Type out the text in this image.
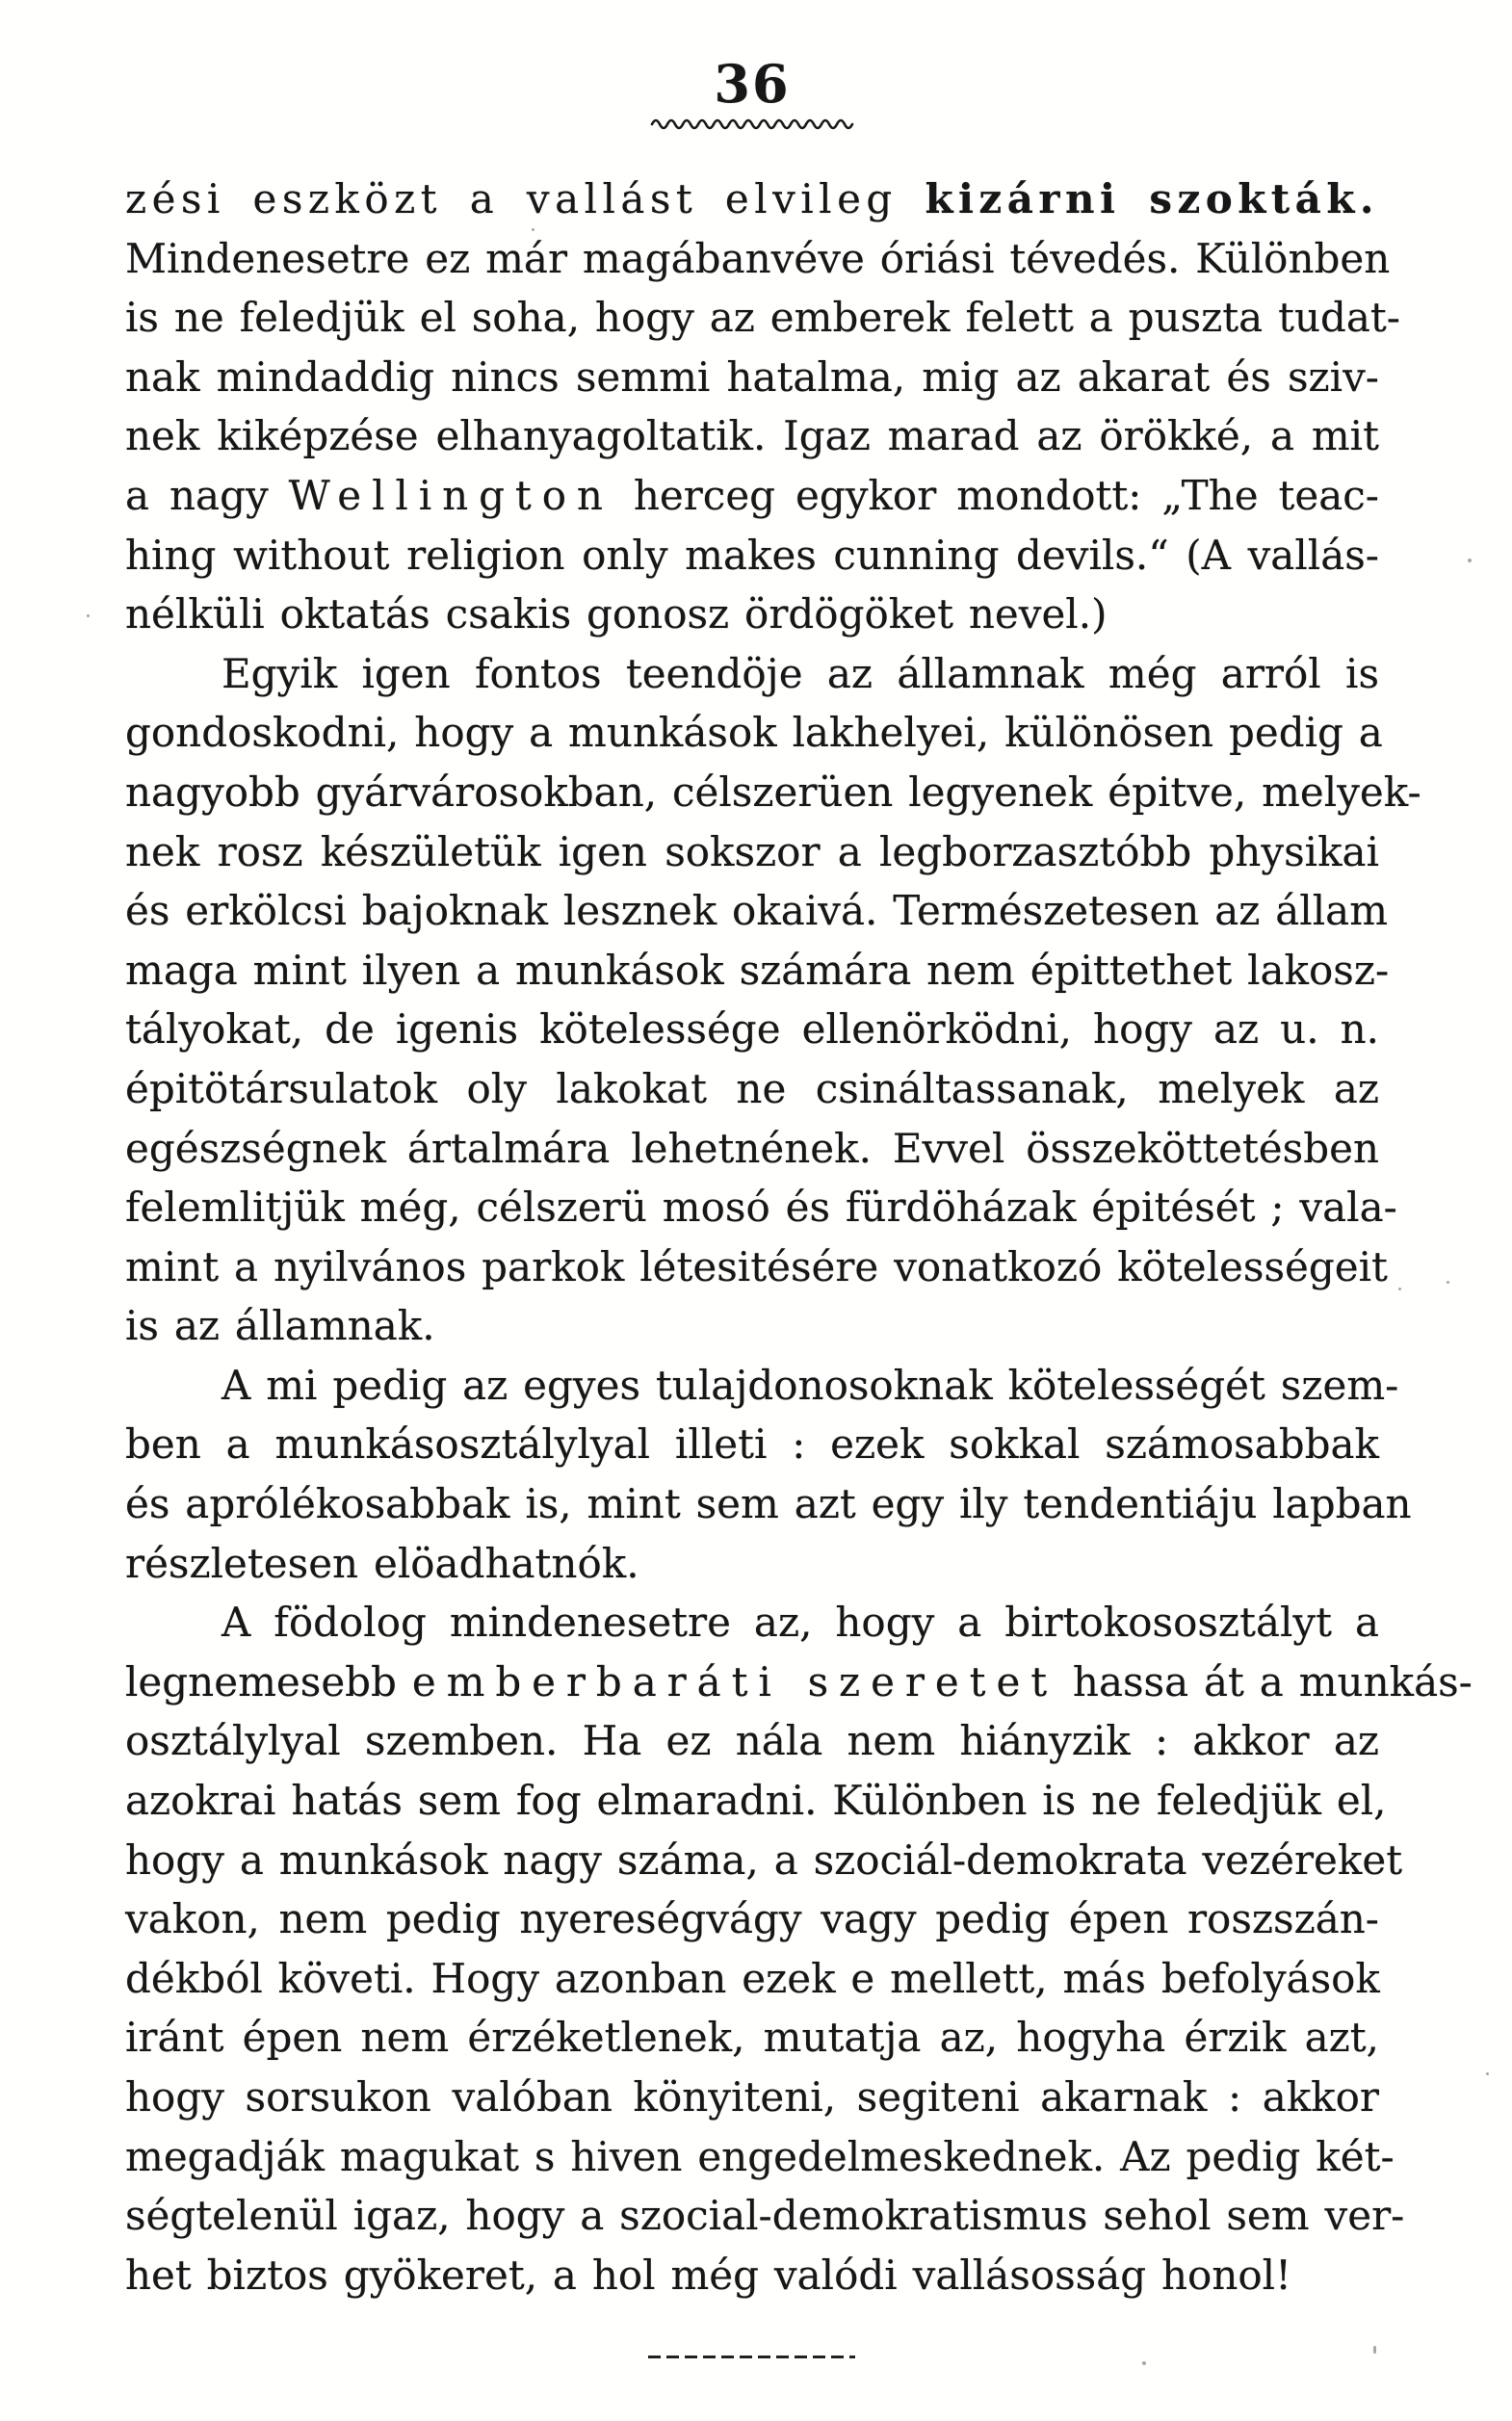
36
zési eszközt a vallást elvileg kizárni szokták.
Mindenesetre ez már magábanvéve óriási tévedés. Különben
is ne feledjük el soha, hogy az emberek felett a puszta tudat-
nak mindaddig nincs semmi hatalma, mig az akarat és sziv-
nek kiképzése elhanyagoltatik. Igaz marad az örökké, a mit
a nagy Wellington herceg egykor mondott: „The teac-
hing without religion only makes cunning devils.“ (A vallás-
nélküli oktatás csakis gonosz ördögöket nevel.)
Egyik igen fontos teendöje az államnak még arról is
gondoskodni, hogy a munkások lakhelyei, különösen pedig a
nagyobb gyárvárosokban, célszerüen legyenek épitve, melyek-
nek rosz készületük igen sokszor a legborzasztóbb physikai
és erkölcsi bajoknak lesznek okaivá. Természetesen az állam
maga mint ilyen a munkások számára nem épittethet lakosz-
tályokat, de igenis kötelessége ellenörködni, hogy az u. n.
épitötársulatok oly lakokat ne csináltassanak, melyek az
egészségnek ártalmára lehetnének. Evvel összeköttetésben
felemlitjük még, célszerü mosó és fürdöházak épitését ; vala-
mint a nyilvános parkok létesitésére vonatkozó kötelességeit
is az államnak.
A mi pedig az egyes tulajdonosoknak kötelességét szem-
ben a munkásosztálylyal illeti : ezek sokkal számosabbak
és aprólékosabbak is, mint sem azt egy ily tendentiáju lapban
részletesen elöadhatnók.
A födolog mindenesetre az, hogy a birtokososztályt a
legnemesebb emberbaráti szeretet hassa át a munkás-
osztálylyal szemben. Ha ez nála nem hiányzik : akkor az
azokrai hatás sem fog elmaradni. Különben is ne feledjük el,
hogy a munkások nagy száma, a szociál-demokrata vezéreket
vakon, nem pedig nyereségvágy vagy pedig épen roszszán-
dékból követi. Hogy azonban ezek e mellett, más befolyások
iránt épen nem érzéketlenek, mutatja az, hogyha érzik azt,
hogy sorsukon valóban könyiteni, segiteni akarnak : akkor
megadják magukat s hiven engedelmeskednek. Az pedig két-
ségtelenül igaz, hogy a szocial-demokratismus sehol sem ver-
het biztos gyökeret, a hol még valódi vallásosság honol!
